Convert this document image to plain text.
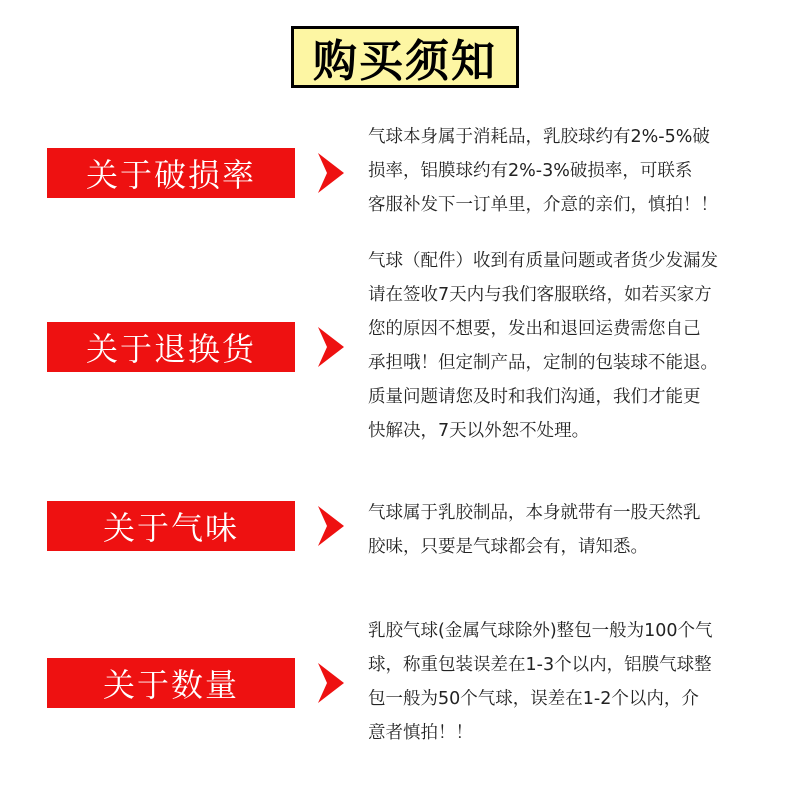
购买须知
关于破损率
气球本身属于消耗品，乳胶球约有2%-5%破
损率，铝膜球约有2%-3%破损率，可联系
客服补发下一订单里，介意的亲们，慎拍！！
关于退换货
气球（配件）收到有质量问题或者货少发漏发
请在签收7天内与我们客服联络，如若买家方
您的原因不想要，发出和退回运费需您自己
承担哦！但定制产品，定制的包装球不能退。
质量问题请您及时和我们沟通，我们才能更
快解决，7天以外恕不处理。
关于气味	气球属于乳胶制品，本身就带有一股天然乳
胶味，只要是气球都会有，请知悉。
关于数量
乳胶气球(金属气球除外)整包一般为100个气
球，称重包装误差在1-3个以内，铝膜气球整
包一般为50个气球，误差在1-2个以内，介
意者慎拍！！
